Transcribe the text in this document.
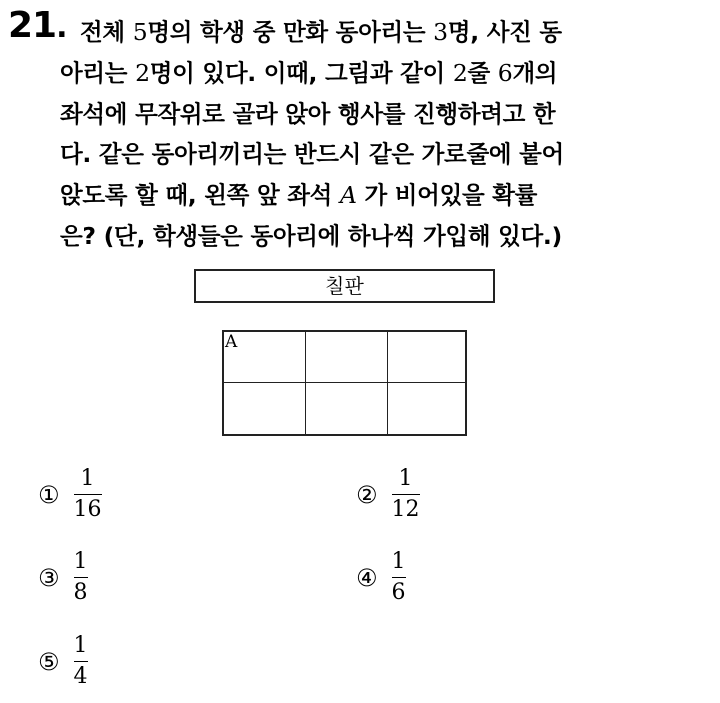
21. 전체 5명의 학생 중 만화 동아리는 3명, 사진 동
아리는 2명이 있다. 이때, 그림과 같이 2줄 6개의
좌석에 무작위로 골라 앉아 행사를 진행하려고 한
다. 같은 동아리끼리는 반드시 같은 가로줄에 붙어
앉도록 할 때, 왼쪽 앞 좌석 A 가 비어있을 확률
은? (단, 학생들은 동아리에 하나씩 가입해 있다.)
칠판
A
① $\frac{1}{16}$	② $\frac{1}{12}$
③ $\frac{1}{8}$	④ $\frac{1}{6}$
⑤ $\frac{1}{4}$
